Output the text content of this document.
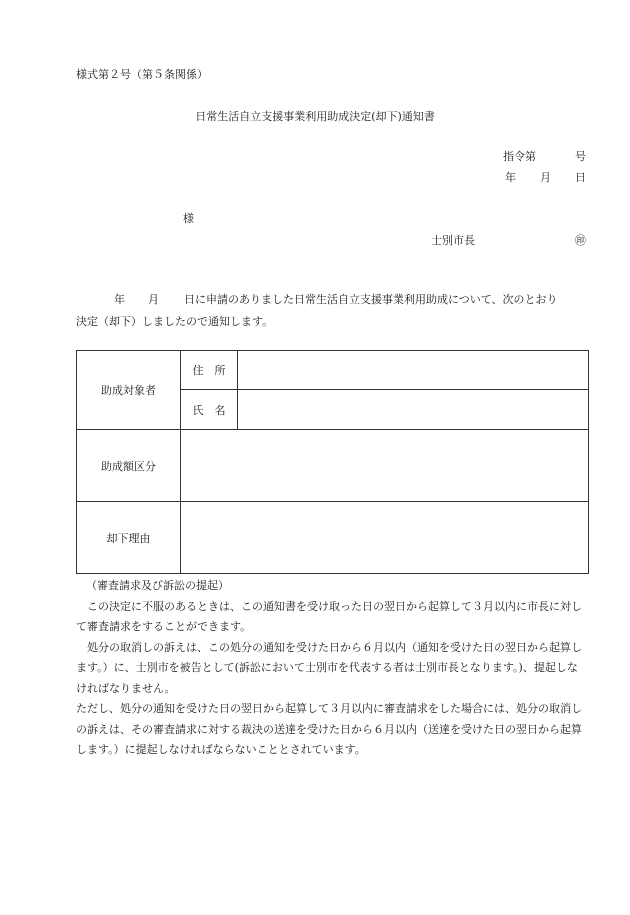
様式第２号（第５条関係）
日常生活自立支援事業利用助成決定(却下)通知書
指令第	号
年 月 日
様
士別市長	㊞
年 月 日に申請のありました日常生活自立支援事業利用助成について、次のとおり
決定（却下）しましたので通知します。
助成対象者	住　所	
	氏　名	
助成額区分		
却下理由		

（審査請求及び訴訟の提起）

この決定に不服のあるときは、この通知書を受け取った日の翌日から起算して３月以内に市長に対して審査請求をすることができます。

処分の取消しの訴えは、この処分の通知を受けた日から６月以内（通知を受けた日の翌日から起算します。）に、士別市を被告として(訴訟において士別市を代表する者は士別市長となります。)、提起しなければなりません。

ただし、処分の通知を受けた日の翌日から起算して３月以内に審査請求をした場合には、処分の取消しの訴えは、その審査請求に対する裁決の送達を受けた日から６月以内（送達を受けた日の翌日から起算します。）に提起しなければならないこととされています。
